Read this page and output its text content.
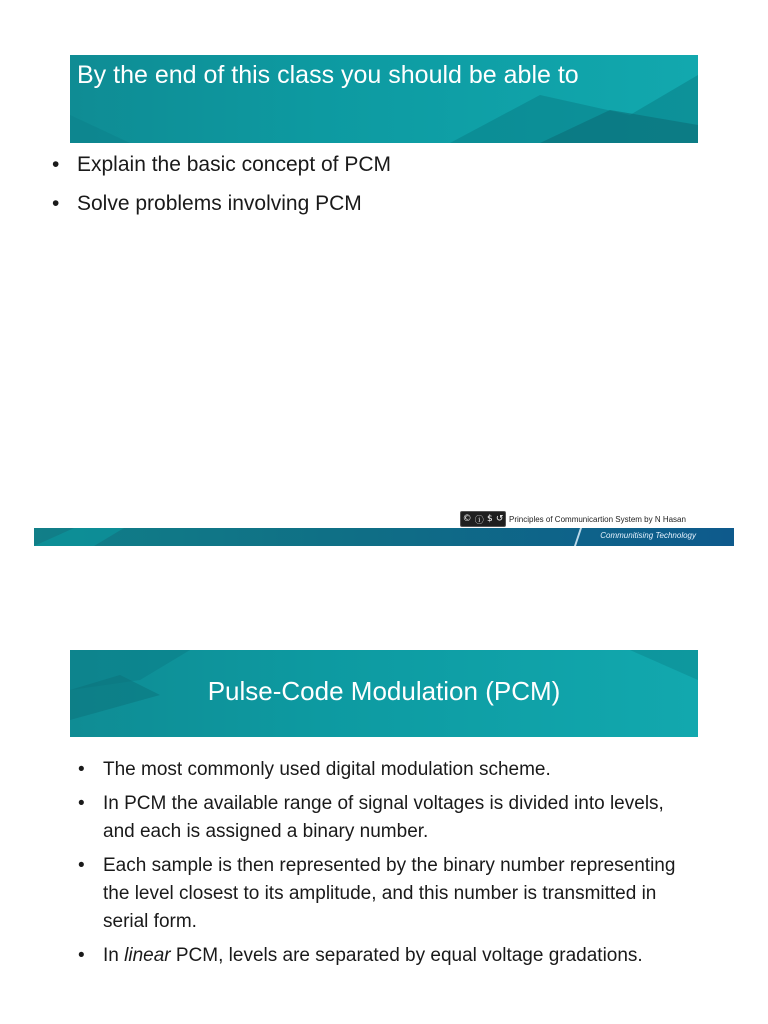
By the end of this class you should be able to
• Explain the basic concept of PCM
• Solve problems involving PCM
© ⓘ $ ↺ Principles of Communicartion System by N Hasan
Communitising Technology
Pulse-Code Modulation (PCM)
• The most commonly used digital modulation scheme.
• In PCM the available range of signal voltages is divided into levels, and each is assigned a binary number.
• Each sample is then represented by the binary number representing the level closest to its amplitude, and this number is transmitted in serial form.
• In linear PCM, levels are separated by equal voltage gradations.
